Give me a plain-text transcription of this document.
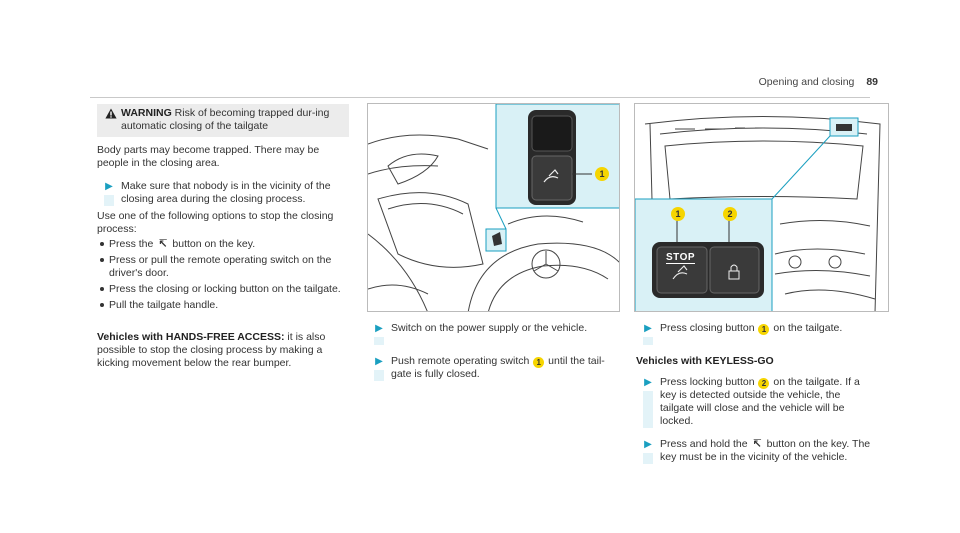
Opening and closing 89
WARNING Risk of becoming trapped dur-ing automatic closing of the tailgate

Body parts may become trapped. There may be people in the closing area.

▶ Make sure that nobody is in the vicinity of the closing area during the closing process.

Use one of the following options to stop the closing process:

Press the ↸ button on the key.
Press or pull the remote operating switch on the driver's door.
Press the closing or locking button on the tailgate.
Pull the tailgate handle.

Vehicles with HANDS-FREE ACCESS: it is also possible to stop the closing process by making a kicking movement below the rear bumper.

1
STOP
1	2
▶ Switch on the power supply or the vehicle.
▶ Push remote operating switch 1 until the tail-gate is fully closed.
▶ Press closing button 1 on the tailgate.
Vehicles with KEYLESS-GO
▶ Press locking button 2 on the tailgate. If a key is detected outside the vehicle, the tailgate will close and the vehicle will be locked.
▶ Press and hold the ↸ button on the key. The key must be in the vicinity of the vehicle.
